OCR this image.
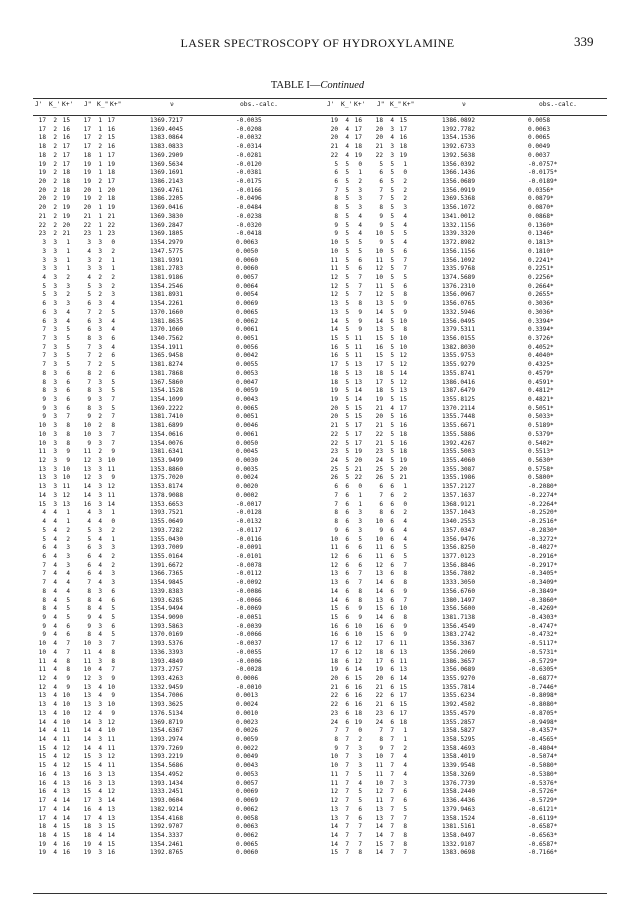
LASER SPECTROSCOPY OF HYDROXYLAMINE	339
TABLE I—Continued
J' K_' K+' J" K_" K+"	ν	obs.-calc.	J' K_' K+' J" K_" K+"	ν	obs.-calc.
17	2 15	17	1 17	1369.7217	-0.0035
17	2 16	17	1 16	1369.4045	-0.0208
18	2 16	17	2 15	1383.0864	-0.0032
18	2 17	17	2 16	1383.0833	-0.0314
18	2 17	18	1 17	1369.2909	-0.0281
19	2 17	19	1 19	1369.5634	-0.0120
19	2 18	19	1 18	1369.1691	-0.0381
20	2 18	19	2 17	1386.2143	-0.0175
20	2 18	20	1 20	1369.4761	-0.0166
20	2 19	19	2 18	1386.2205	-0.0496
20	2 19	20	1 19	1369.0416	-0.0484
21	2 19	21	1 21	1369.3830	-0.0238
22	2 20	22	1 22	1369.2847	-0.0320
23	2 21	23	1 23	1369.1805	-0.0418
3	3	1	3	3	0	1354.2979	0.0063
3	3	1	4	3	2	1347.5775	0.0050
3	3	1	3	2	1	1381.9391	0.0060
3	3	1	3	3	1	1381.2783	0.0060
4	3	2	4	2	2	1381.9186	0.0057
5	3	3	5	3	2	1354.2546	0.0064
5	3	2	5	2	3	1381.8931	0.0054
6	3	3	6	3	4	1354.2261	0.0069
6	3	4	7	2	5	1370.1660	0.0065
6	3	4	6	3	4	1381.8635	0.0062
7	3	5	6	3	4	1370.1060	0.0061
7	3	5	8	3	6	1340.7562	0.0051
7	3	5	7	3	4	1354.1911	0.0056
7	3	5	7	2	6	1365.9458	0.0042
7	3	5	7	2	5	1381.8274	0.0055
8	3	6	8	2	6	1381.7868	0.0053
8	3	6	7	3	5	1367.5860	0.0047
8	3	6	8	3	5	1354.1528	0.0059
9	3	6	9	3	7	1354.1099	0.0043
9	3	6	8	3	5	1369.2222	0.0065
9	3	7	9	2	7	1381.7410	0.0051
10	3	8	10	2	8	1381.6899	0.0046
10	3	8	10	3	7	1354.0616	0.0061
10	3	8	9	3	7	1354.0076	0.0050
11	3	9	11	2	9	1381.6341	0.0045
12	3	9	12	3 10	1353.9499	0.0030
13	3 10	13	3 11	1353.8860	0.0035
13	3 10	12	3	9	1375.7020	0.0024
13	3 11	14	3 12	1353.8174	0.0020
14	3 12	14	3 11	1378.9088	0.0002
15	3 13	16	3 14	1353.6653	-0.0017
4	4	1	4	3	1	1393.7521	-0.0128
4	4	1	4	4	0	1355.0649	-0.0132
5	4	2	5	3	2	1393.7282	-0.0117
5	4	2	5	4	1	1355.0430	-0.0116
6	4	3	6	3	3	1393.7009	-0.0091
6	4	3	6	4	2	1355.0164	-0.0101
7	4	3	6	4	2	1391.6672	-0.0078
7	4	4	6	4	3	1366.7365	-0.0112
7	4	4	7	4	3	1354.9845	-0.0092
8	4	4	8	3	6	1339.8383	-0.0086
8	4	5	8	4	6	1393.6285	-0.0066
8	4	5	8	4	5	1354.9494	-0.0069
9	4	5	9	4	5	1354.9090	-0.0051
9	4	6	9	3	6	1393.5863	-0.0039
9	4	6	8	4	5	1370.0169	-0.0066
10	4	7	10	3	7	1393.5376	-0.0037
10	4	7	11	4	8	1336.3393	-0.0055
11	4	8	11	3	8	1393.4849	-0.0006
11	4	8	10	4	7	1373.2757	-0.0028
12	4	9	12	3	9	1393.4263	0.0006
12	4	9	13	4 10	1332.9459	-0.0010
13	4 10	13	4	9	1354.7006	0.0013
13	4 10	13	3 10	1393.3625	0.0024
13	4 10	12	4	9	1376.5134	0.0010
14	4 10	14	3 12	1369.8719	0.0023
14	4 11	14	4 10	1354.6367	0.0026
14	4 11	14	3 11	1393.2974	0.0059
15	4 12	14	4 11	1379.7269	0.0022
15	4 12	15	3 12	1393.2219	0.0049
15	4 12	15	4 11	1354.5686	0.0043
16	4 13	16	3 13	1354.4952	0.0053
16	4 13	16	3 13	1393.1434	0.0057
16	4 13	15	4 12	1333.2451	0.0069
17	4 14	17	3 14	1393.0604	0.0069
17	4 14	16	4 13	1382.9214	0.0062
17	4 14	17	4 13	1354.4168	0.0058
18	4 15	18	3 15	1392.9707	0.0063
18	4 15	18	4 14	1354.3337	0.0062
19	4 16	19	4 15	1354.2461	0.0065
19	4 16	19	3 16	1392.8765	0.0060
19	4 16	18	4 15	1386.0892	0.0058
20	4 17	20	3 17	1392.7782	0.0063
20	4 17	20	4 16	1354.1536	0.0065
21	4 18	21	3 18	1392.6733	0.0049
22	4 19	22	3 19	1392.5638	0.0037
5	5	0	5	5	1	1356.0392	-0.0757*
6	5	1	6	5	0	1366.1436	-0.0175*
6	5	2	6	5	2	1356.0689	-0.0189*
7	5	3	7	5	2	1356.0919	0.0356*
8	5	3	7	5	2	1369.5368	0.0879*
8	5	3	8	5	3	1356.1072	0.0870*
8	5	4	9	5	4	1341.0012	0.0868*
9	5	4	9	5	4	1332.1156	0.1360*
9	5	4	10	5	5	1339.3320	0.1346*
10	5	5	9	5	4	1372.8982	0.1813*
10	5	5	10	5	6	1356.1156	0.1810*
11	5	6	11	5	7	1356.1092	0.2241*
11	5	6	12	5	7	1335.9768	0.2251*
12	5	7	10	5	5	1374.5689	0.2256*
12	5	7	11	5	6	1376.2310	0.2664*
12	5	7	12	5	8	1356.0967	0.2655*
13	5	8	13	5	9	1356.0765	0.3036*
13	5	9	14	5	9	1332.5946	0.3036*
14	5	9	14	5 10	1356.0495	0.3394*
14	5	9	13	5	8	1379.5311	0.3394*
15	5 11	15	5 10	1356.0155	0.3726*
16	5 11	16	5 10	1382.8030	0.4052*
16	5 11	15	5 12	1355.9753	0.4040*
17	5 13	17	5 12	1355.9279	0.4325*
18	5 13	18	5 14	1355.8741	0.4579*
18	5 13	17	5 12	1386.0416	0.4591*
19	5 14	18	5 13	1387.6479	0.4812*
19	5 14	19	5 15	1355.8125	0.4821*
20	5 15	21	4 17	1370.2114	0.5051*
20	5 15	20	5 16	1355.7448	0.5033*
21	5 17	21	5 16	1355.6671	0.5189*
22	5 17	22	5 18	1355.5886	0.5379*
22	5 17	21	5 16	1392.4267	0.5402*
23	5 19	23	5 18	1355.5003	0.5513*
24	5 20	24	5 19	1355.4060	0.5630*
25	5 21	25	5 20	1355.3087	0.5758*
26	5 22	26	5 21	1355.1986	0.5800*
6	6	0	6	6	1	1357.2127	-0.2080*
7	6	1	7	6	2	1357.1637	-0.2274*
7	6	1	6	6	0	1368.9121	-0.2264*
8	6	3	8	6	2	1357.1043	-0.2520*
8	6	3	10	6	4	1340.2553	-0.2516*
9	6	3	9	6	4	1357.0347	-0.2830*
10	6	5	10	6	4	1356.9476	-0.3272*
11	6	6	11	6	5	1356.8250	-0.4027*
12	6	6	11	6	5	1377.0123	-0.2916*
12	6	6	12	6	7	1356.8846	-0.2917*
13	6	7	13	6	8	1356.7802	-0.3405*
13	6	7	14	6	8	1333.3050	-0.3409*
14	6	8	14	6	9	1356.6760	-0.3849*
14	6	8	13	6	7	1380.1497	-0.3860*
15	6	9	15	6 10	1356.5600	-0.4269*
15	6	9	14	6	8	1381.7138	-0.4303*
16	6 10	16	6	9	1356.4549	-0.4747*
16	6 10	15	6	9	1383.2742	-0.4732*
17	6 12	17	6 11	1356.3367	-0.5117*
17	6 12	18	6 13	1356.2069	-0.5731*
18	6 12	17	6 11	1386.3657	-0.5729*
19	6 14	19	6 13	1356.0689	-0.6305*
20	6 15	20	6 14	1355.9270	-0.6877*
21	6 16	21	6 15	1355.7814	-0.7446*
22	6 16	22	6 17	1355.6234	-0.8098*
22	6 16	21	6 15	1392.4502	-0.8080*
23	6 18	23	6 17	1355.4579	-0.8705*
24	6 19	24	6 18	1355.2857	-0.9498*
7	7	0	7	7	1	1358.5827	-0.4357*
8	7	2	8	7	1	1358.5295	-0.4565*
9	7	3	9	7	2	1358.4693	-0.4804*
10	7	3	10	7	4	1358.4019	-0.5074*
10	7	3	11	7	4	1339.9548	-0.5080*
11	7	5	11	7	4	1358.3269	-0.5380*
11	7	4	10	7	3	1376.7739	-0.5376*
12	7	5	12	7	6	1358.2440	-0.5726*
12	7	5	11	7	6	1336.4436	-0.5729*
13	7	6	13	7	5	1379.9463	-0.6121*
13	7	6	13	7	7	1358.1524	-0.6119*
14	7	7	14	7	8	1381.5161	-0.6587*
14	7	7	14	7	8	1358.0497	-0.6563*
14	7	7	15	7	8	1332.9107	-0.6587*
15	7	8	14	7	7	1383.0698	-0.7166*
